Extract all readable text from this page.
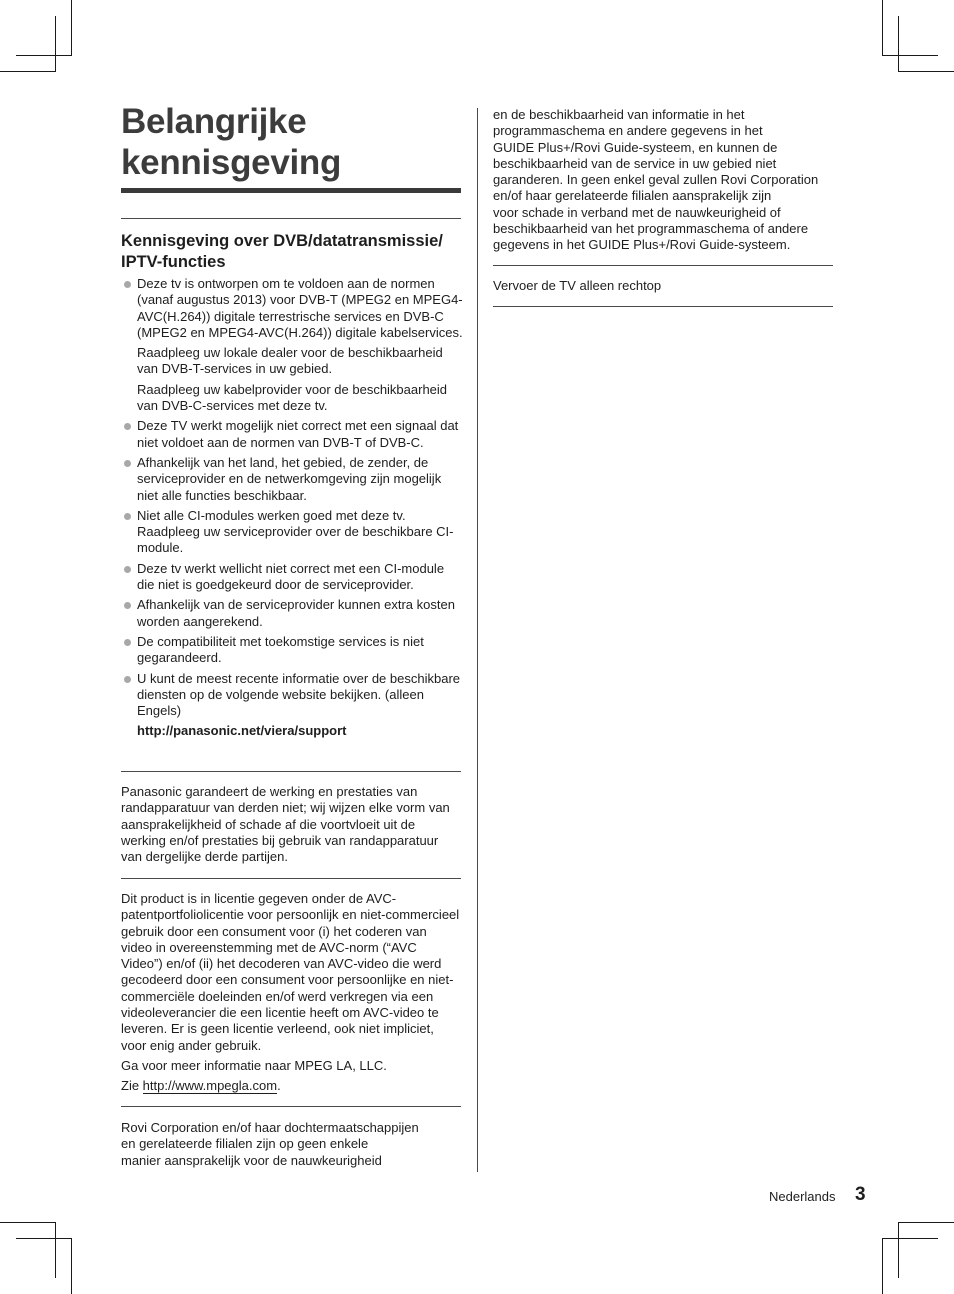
Belangrijke
kennisgeving
Kennisgeving over DVB/datatransmissie/ IPTV-functies
Deze tv is ontworpen om te voldoen aan de normen (vanaf augustus 2013) voor DVB-T (MPEG2 en MPEG4-AVC(H.264)) digitale terrestrische services en DVB-C (MPEG2 en MPEG4-AVC(H.264)) digitale kabelservices.

Raadpleeg uw lokale dealer voor de beschikbaarheid van DVB-T-services in uw gebied.

Raadpleeg uw kabelprovider voor de beschikbaarheid van DVB-C-services met deze tv.

Deze TV werkt mogelijk niet correct met een signaal dat niet voldoet aan de normen van DVB-T of DVB-C.
Afhankelijk van het land, het gebied, de zender, de serviceprovider en de netwerkomgeving zijn mogelijk niet alle functies beschikbaar.
Niet alle CI-modules werken goed met deze tv. Raadpleeg uw serviceprovider over de beschikbare CI-module.
Deze tv werkt wellicht niet correct met een CI-module die niet is goedgekeurd door de serviceprovider.
Afhankelijk van de serviceprovider kunnen extra kosten worden aangerekend.
De compatibiliteit met toekomstige services is niet gegarandeerd.
U kunt de meest recente informatie over de beschikbare diensten op de volgende website bekijken. (alleen Engels)

http://panasonic.net/viera/support

Panasonic garandeert de werking en prestaties van randapparatuur van derden niet; wij wijzen elke vorm van aansprakelijkheid of schade af die voortvloeit uit de werking en/of prestaties bij gebruik van randapparatuur van dergelijke derde partijen.

Dit product is in licentie gegeven onder de AVC-patentportfoliolicentie voor persoonlijk en niet-commercieel gebruik door een consument voor (i) het coderen van video in overeenstemming met de AVC-norm (“AVC Video”) en/of (ii) het decoderen van AVC-video die werd gecodeerd door een consument voor persoonlijke en niet-commerciële doeleinden en/of werd verkregen via een videoleverancier die een licentie heeft om AVC-video te leveren. Er is geen licentie verleend, ook niet impliciet, voor enig ander gebruik.

Ga voor meer informatie naar MPEG LA, LLC.

Zie http://www.mpegla.com.

Rovi Corporation en/of haar dochtermaatschappijen
en gerelateerde filialen zijn op geen enkele
manier aansprakelijk voor de nauwkeurigheid
en de beschikbaarheid van informatie in het
programmaschema en andere gegevens in het
GUIDE Plus+/Rovi Guide-systeem, en kunnen de
beschikbaarheid van de service in uw gebied niet
garanderen. In geen enkel geval zullen Rovi Corporation
en/of haar gerelateerde filialen aansprakelijk zijn
voor schade in verband met de nauwkeurigheid of
beschikbaarheid van het programmaschema of andere
gegevens in het GUIDE Plus+/Rovi Guide-systeem.
Vervoer de TV alleen rechtop
Nederlands 3
